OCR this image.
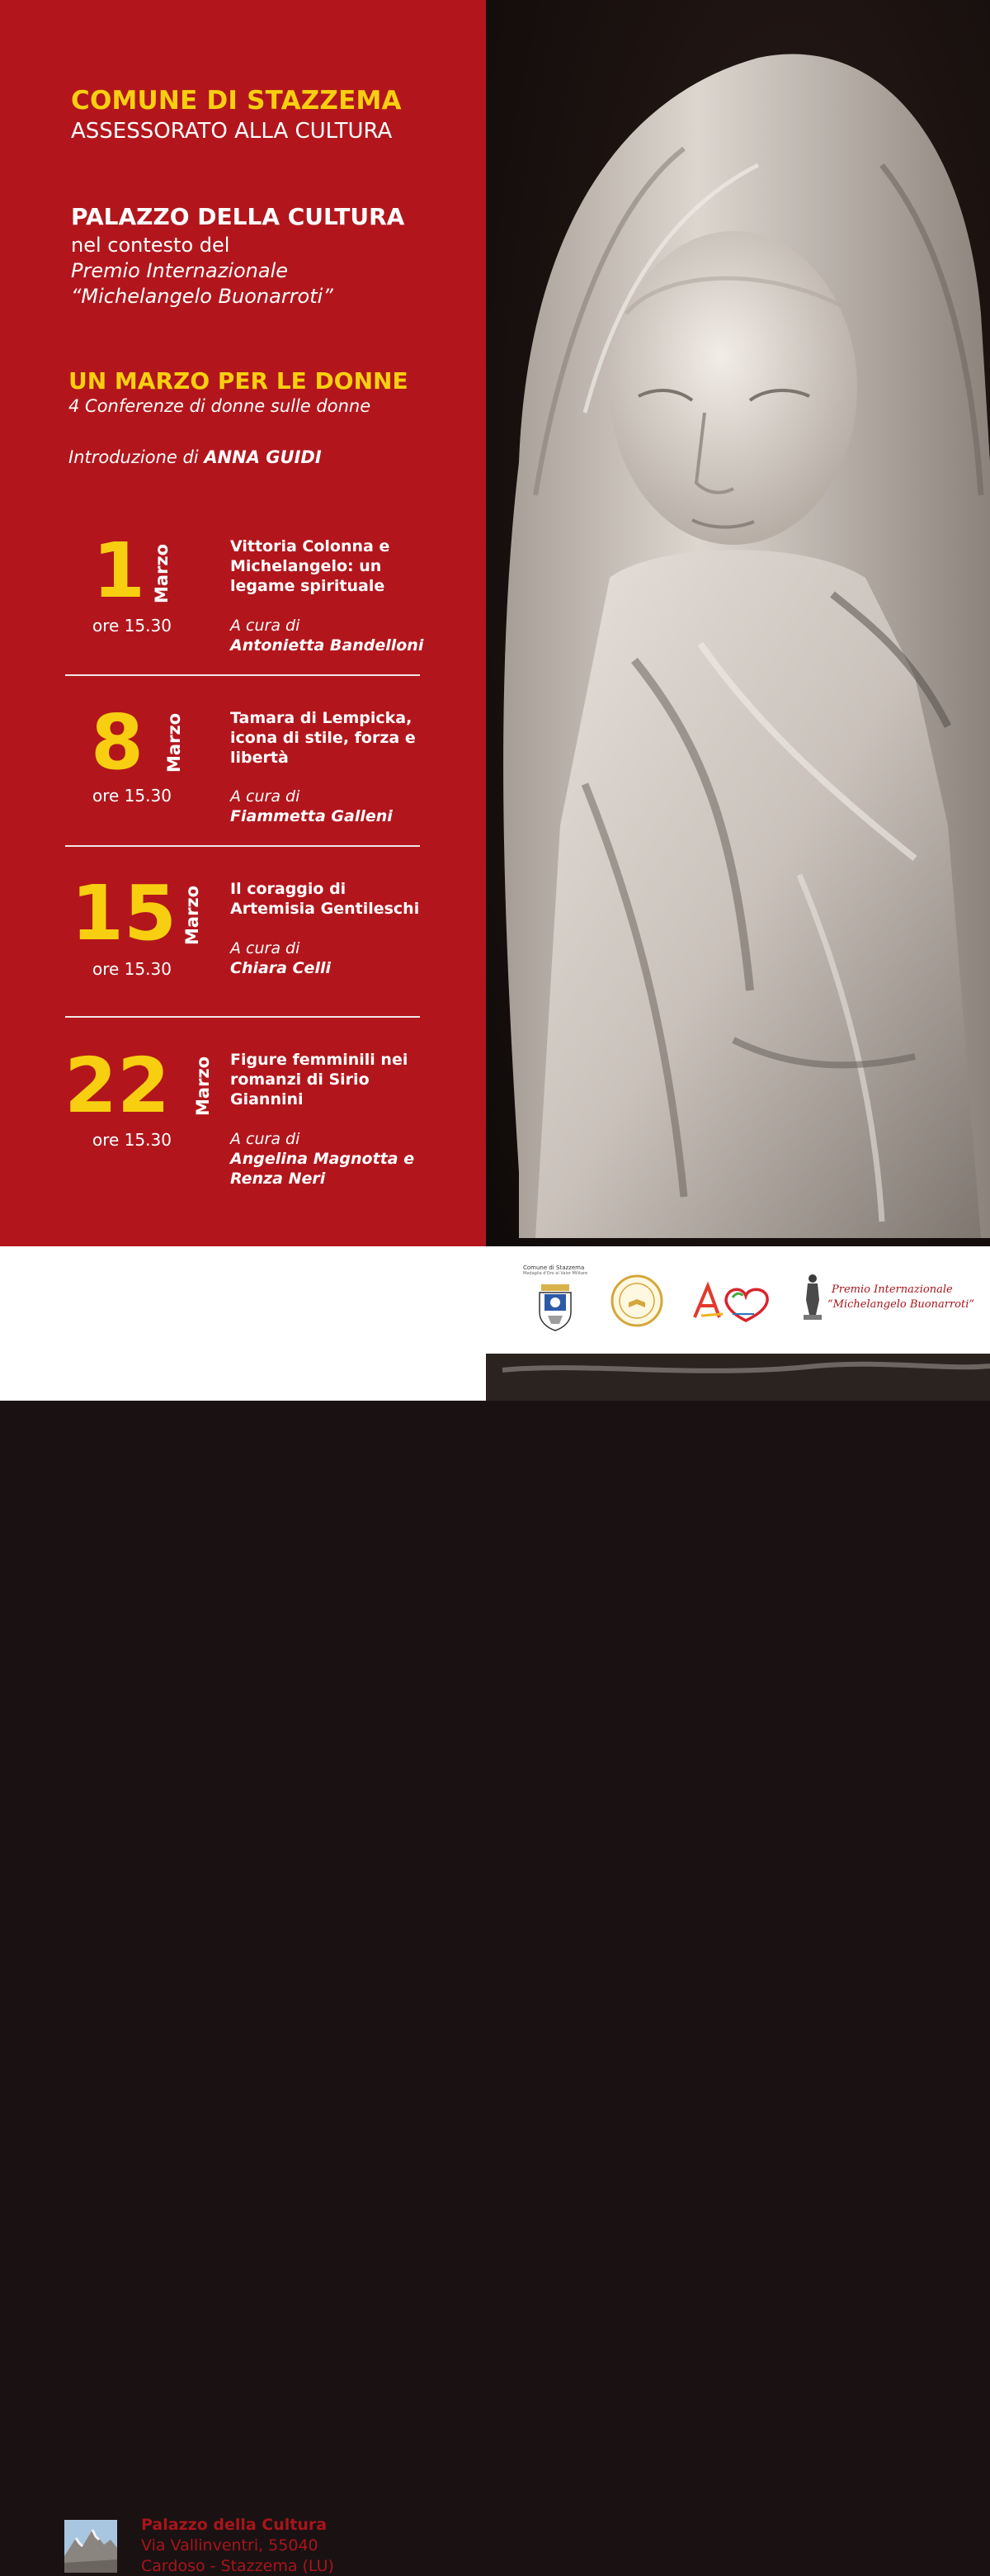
COMUNE DI STAZZEMA
ASSESSORATO ALLA CULTURA
PALAZZO DELLA CULTURA
nel contesto del
Premio Internazionale
“Michelangelo Buonarroti”
UN MARZO PER LE DONNE
4 Conferenze di donne sulle donne
Introduzione di ANNA GUIDI
1 Marzo
ore 15.30
Vittoria Colonna e Michelangelo: un legame spirituale
A cura di
Antonietta Bandelloni
8 Marzo
ore 15.30
Tamara di Lempicka, icona di stile, forza e libertà
A cura di
Fiammetta Galleni
15 Marzo
ore 15.30
Il coraggio di Artemisia Gentileschi
A cura di
Chiara Celli
22 Marzo
ore 15.30
Figure femminili nei romanzi di Sirio Giannini
A cura di
Angelina Magnotta e Renza Neri
Palazzo della Cultura
Via Vallinventri, 55040
Cardoso - Stazzema (LU)
Comune di Stazzema
Medaglia d'Oro al Valor Militare
Premio Internazionale
“Michelangelo Buonarroti”
